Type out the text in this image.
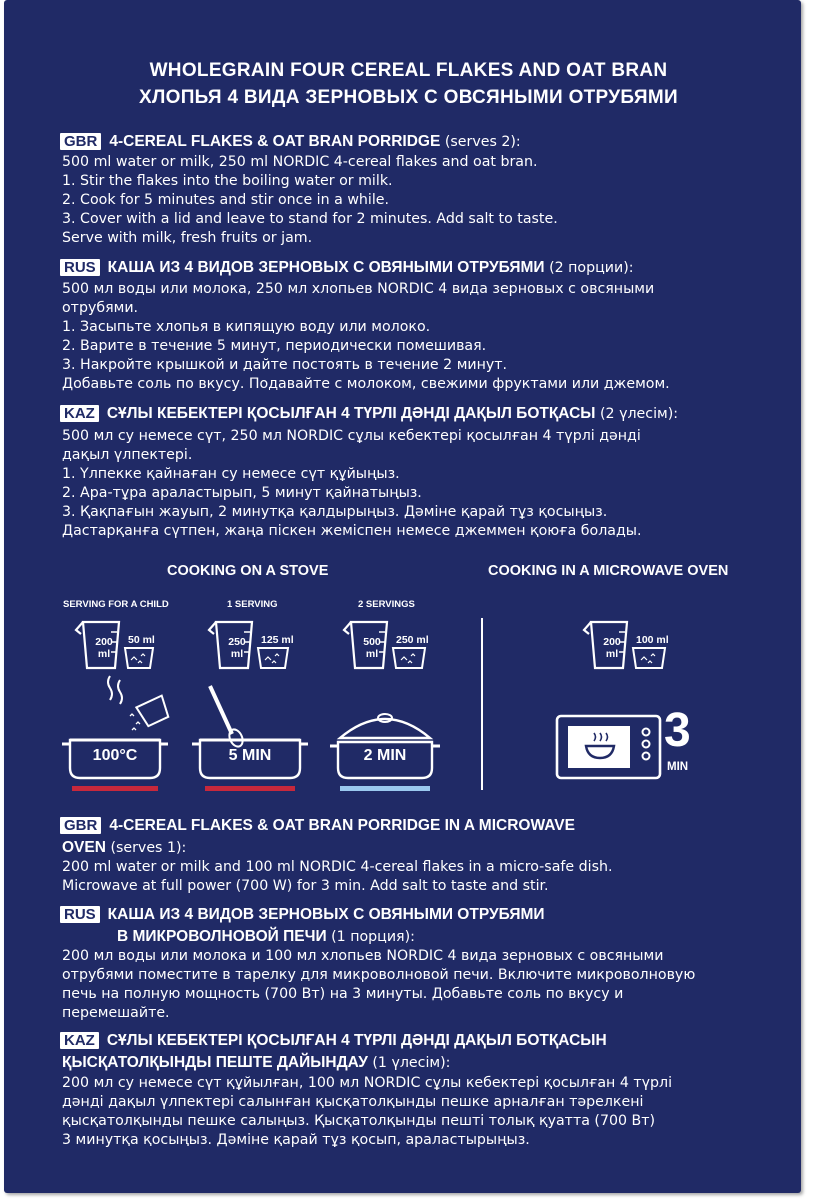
WHOLEGRAIN FOUR CEREAL FLAKES AND OAT BRAN
ХЛОПЬЯ 4 ВИДА ЗЕРНОВЫХ С ОВСЯНЫМИ ОТРУБЯМИ
GBR 4-CEREAL FLAKES & OAT BRAN PORRIDGE (serves 2):
500 ml water or milk, 250 ml NORDIC 4-cereal flakes and oat bran.
1. Stir the flakes into the boiling water or milk.
2. Cook for 5 minutes and stir once in a while.
3. Cover with a lid and leave to stand for 2 minutes. Add salt to taste.
Serve with milk, fresh fruits or jam.
RUS КАША ИЗ 4 ВИДОВ ЗЕРНОВЫХ С ОВЯНЫМИ ОТРУБЯМИ (2 порции):
500 мл воды или молока, 250 мл хлопьев NORDIC 4 вида зерновых с овсяными
отрубями.
1. Засыпьте хлопья в кипящую воду или молоко.
2. Варите в течение 5 минут, периодически помешивая.
3. Накройте крышкой и дайте постоять в течение 2 минут.
Добавьте соль по вкусу. Подавайте с молоком, свежими фруктами или джемом.
KAZ СҰЛЫ КЕБЕКТЕРІ ҚОСЫЛҒАН 4 ТҮРЛІ ДӘНДІ ДАҚЫЛ БОТҚАСЫ (2 үлесім):
500 мл су немесе сүт, 250 мл NORDIC сұлы кебектері қосылған 4 түрлі дәнді
дақыл үлпектері.
1. Үлпекке қайнаған су немесе сүт құйыңыз.
2. Ара-тұра араластырып, 5 минут қайнатыңыз.
3. Қақпағын жауып, 2 минутқа қалдырыңыз. Дәміне қарай тұз қосыңыз.
Дастарқанға сүтпен, жаңа піскен жеміспен немесе джеммен қоюға болады.
COOKING ON A STOVE	COOKING IN A MICROWAVE OVEN
SERVING FOR A CHILD	1 SERVING	2 SERVINGS
200
ml
50 ml	250
ml
125 ml	500
ml
250 ml	200
ml
100 ml
100°C	5 MIN	2 MIN	3
MIN
GBR 4-CEREAL FLAKES & OAT BRAN PORRIDGE IN A MICROWAVE
OVEN (serves 1):
200 ml water or milk and 100 ml NORDIC 4-cereal flakes in a micro-safe dish.
Microwave at full power (700 W) for 3 min. Add salt to taste and stir.
RUS КАША ИЗ 4 ВИДОВ ЗЕРНОВЫХ С ОВЯНЫМИ ОТРУБЯМИ
В МИКРОВОЛНОВОЙ ПЕЧИ (1 порция):
200 мл воды или молока и 100 мл хлопьев NORDIC 4 вида зерновых с овсяными
отрубями поместите в тарелку для микроволновой печи. Включите микроволновую
печь на полную мощность (700 Вт) на 3 минуты. Добавьте соль по вкусу и
перемешайте.
KAZ СҰЛЫ КЕБЕКТЕРІ ҚОСЫЛҒАН 4 ТҮРЛІ ДӘНДІ ДАҚЫЛ БОТҚАСЫН
ҚЫСҚАТОЛҚЫНДЫ ПЕШТЕ ДАЙЫНДАУ (1 үлесім):
200 мл су немесе сүт құйылған, 100 мл NORDIC сұлы кебектері қосылған 4 түрлі
дәнді дақыл үлпектері салынған қысқатолқынды пешке арналған тәрелкені
қысқатолқынды пешке салыңыз. Қысқатолқынды пешті толық қуатта (700 Вт)
3 минутқа қосыңыз. Дәміне қарай тұз қосып, араластырыңыз.
